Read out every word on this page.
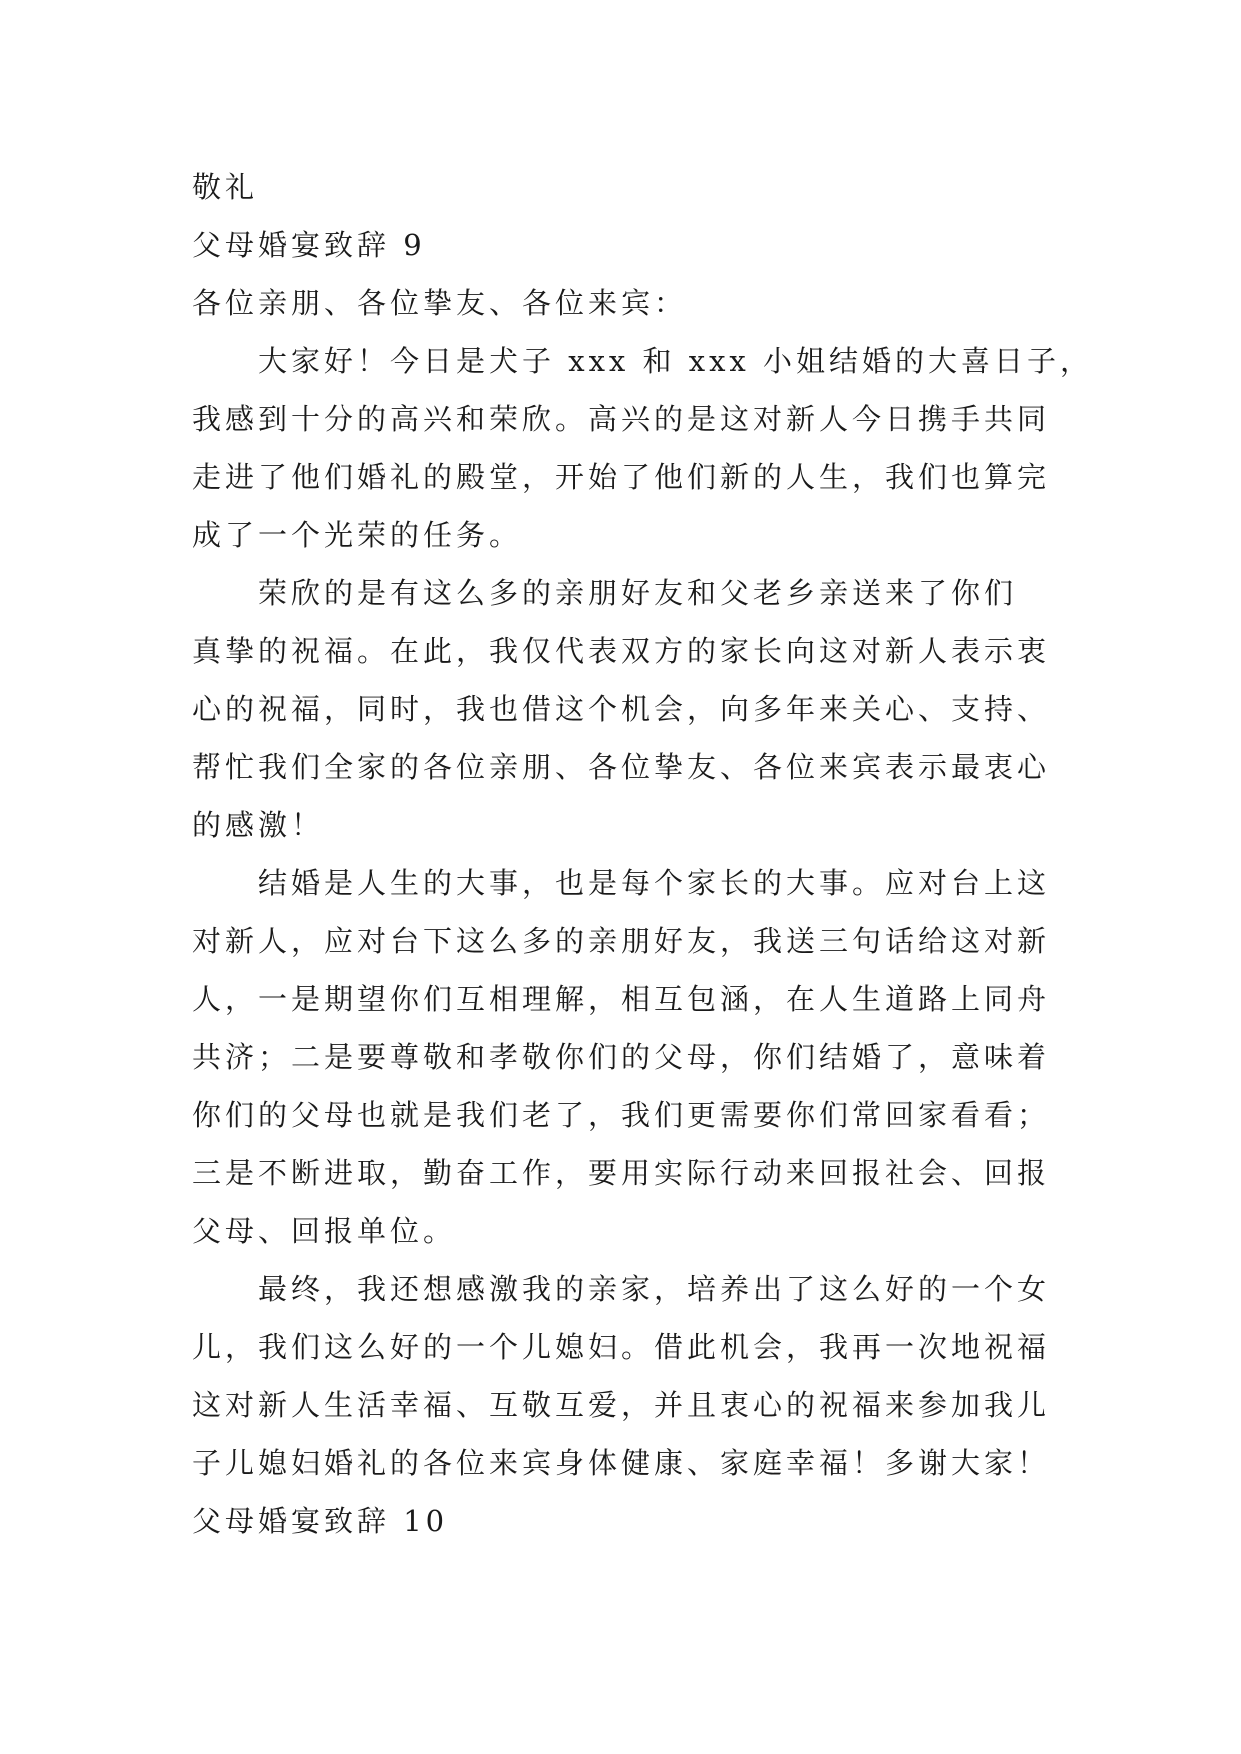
敬礼
父母婚宴致辞 9
各位亲朋、各位挚友、各位来宾：
大家好！今日是犬子 xxx 和 xxx 小姐结婚的大喜日子，
我感到十分的高兴和荣欣。高兴的是这对新人今日携手共同
走进了他们婚礼的殿堂，开始了他们新的人生，我们也算完
成了一个光荣的任务。
荣欣的是有这么多的亲朋好友和父老乡亲送来了你们
真挚的祝福。在此，我仅代表双方的家长向这对新人表示衷
心的祝福，同时，我也借这个机会，向多年来关心、支持、
帮忙我们全家的各位亲朋、各位挚友、各位来宾表示最衷心
的感激！
结婚是人生的大事，也是每个家长的大事。应对台上这
对新人，应对台下这么多的亲朋好友，我送三句话给这对新
人，一是期望你们互相理解，相互包涵，在人生道路上同舟
共济；二是要尊敬和孝敬你们的父母，你们结婚了，意味着
你们的父母也就是我们老了，我们更需要你们常回家看看；
三是不断进取，勤奋工作，要用实际行动来回报社会、回报
父母、回报单位。
最终，我还想感激我的亲家，培养出了这么好的一个女
儿，我们这么好的一个儿媳妇。借此机会，我再一次地祝福
这对新人生活幸福、互敬互爱，并且衷心的祝福来参加我儿
子儿媳妇婚礼的各位来宾身体健康、家庭幸福！多谢大家！
父母婚宴致辞 10
